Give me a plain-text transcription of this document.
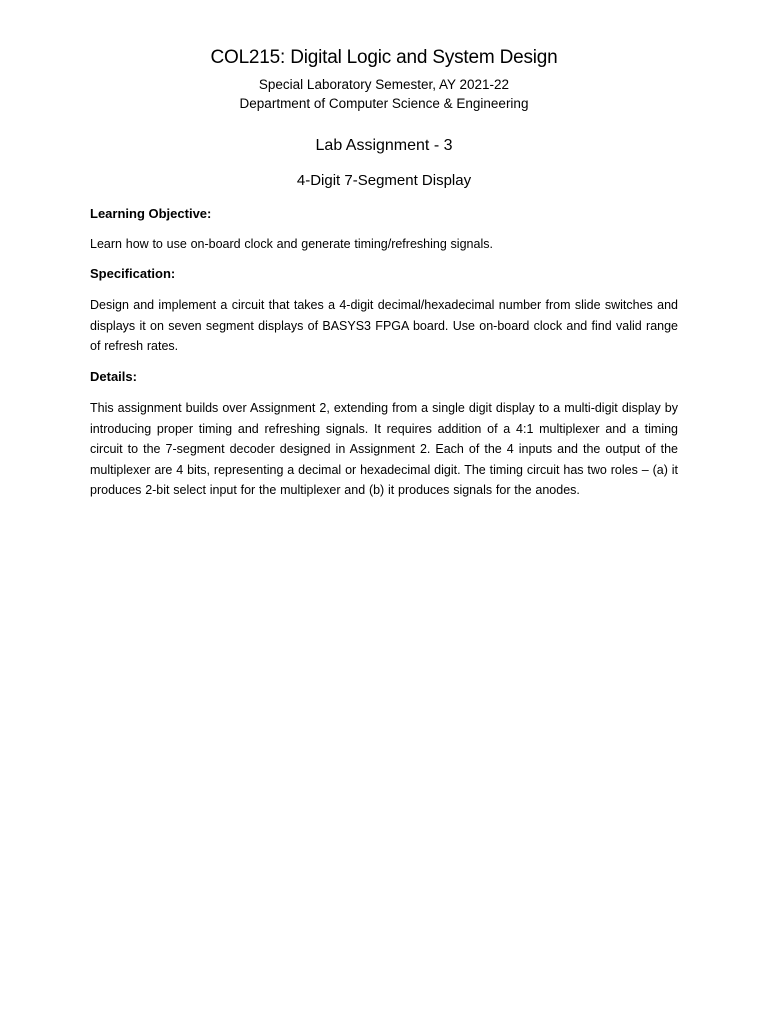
COL215: Digital Logic and System Design
Special Laboratory Semester, AY 2021-22
Department of Computer Science & Engineering
Lab Assignment - 3
4-Digit 7-Segment Display
Learning Objective:
Learn how to use on-board clock and generate timing/refreshing signals.
Specification:
Design and implement a circuit that takes a 4-digit decimal/hexadecimal number from slide switches and displays it on seven segment displays of BASYS3 FPGA board. Use on-board clock and find valid range of refresh rates.
Details:
This assignment builds over Assignment 2, extending from a single digit display to a multi-digit display by introducing proper timing and refreshing signals. It requires addition of a 4:1 multiplexer and a timing circuit to the 7-segment decoder designed in Assignment 2. Each of the 4 inputs and the output of the multiplexer are 4 bits, representing a decimal or hexadecimal digit. The timing circuit has two roles – (a) it produces 2-bit select input for the multiplexer and (b) it produces signals for the anodes.
